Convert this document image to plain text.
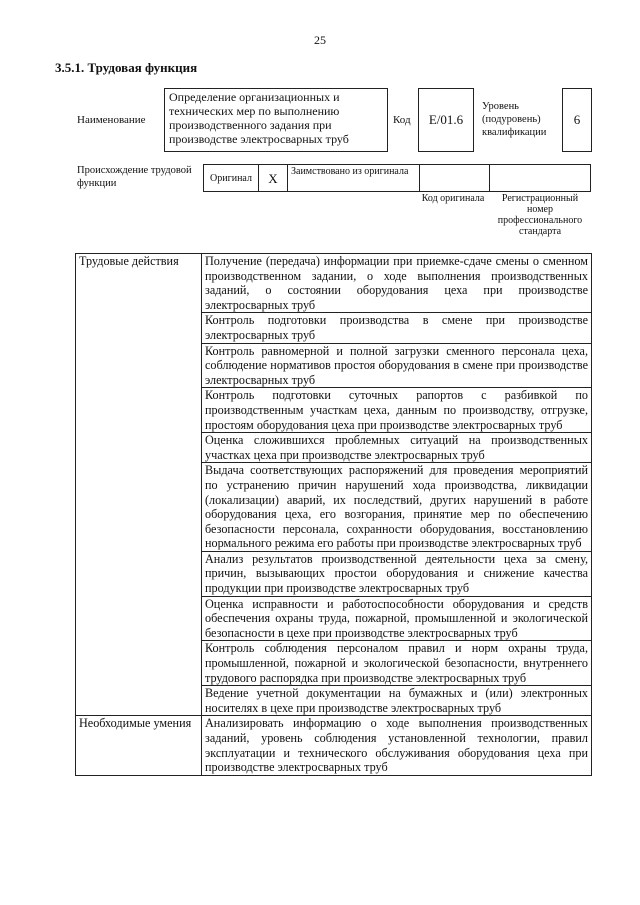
25
3.5.1. Трудовая функция
Наименование
Определение организационных и технических мер по выполнению производственного задания при производстве электросварных труб
Код	E/01.6
Уровень (подуровень) квалификации
6
Происхождение трудовой функции	Оригинал	X	Заимствовано из оригинала
Код оригинала	Регистрационный номер профессионального стандарта
Трудовые действия	Получение (передача) информации при приемке-сдаче смены о сменном производственном задании, о ходе выполнения производственных заданий, о состоянии оборудования цеха при производстве электросварных труб
	Контроль подготовки производства в смене при производстве электросварных труб
	Контроль равномерной и полной загрузки сменного персонала цеха, соблюдение нормативов простоя оборудования в смене при производстве электросварных труб
	Контроль подготовки суточных рапортов с разбивкой по производственным участкам цеха, данным по производству, отгрузке, простоям оборудования цеха при производстве электросварных труб
	Оценка сложившихся проблемных ситуаций на производственных участках цеха при производстве электросварных труб
	Выдача соответствующих распоряжений для проведения мероприятий по устранению причин нарушений хода производства, ликвидации (локализации) аварий, их последствий, других нарушений в работе оборудования цеха, его возгорания, принятие мер по обеспечению безопасности персонала, сохранности оборудования, восстановлению нормального режима его работы при производстве электросварных труб
	Анализ результатов производственной деятельности цеха за смену, причин, вызывающих простои оборудования и снижение качества продукции при производстве электросварных труб
	Оценка исправности и работоспособности оборудования и средств обеспечения охраны труда, пожарной, промышленной и экологической безопасности в цехе при производстве электросварных труб
	Контроль соблюдения персоналом правил и норм охраны труда, промышленной, пожарной и экологической безопасности, внутреннего трудового распорядка при производстве электросварных труб
	Ведение учетной документации на бумажных и (или) электронных носителях в цехе при производстве электросварных труб
Необходимые умения	Анализировать информацию о ходе выполнения производственных заданий, уровень соблюдения установленной технологии, правил эксплуатации и технического обслуживания оборудования цеха при производстве электросварных труб
